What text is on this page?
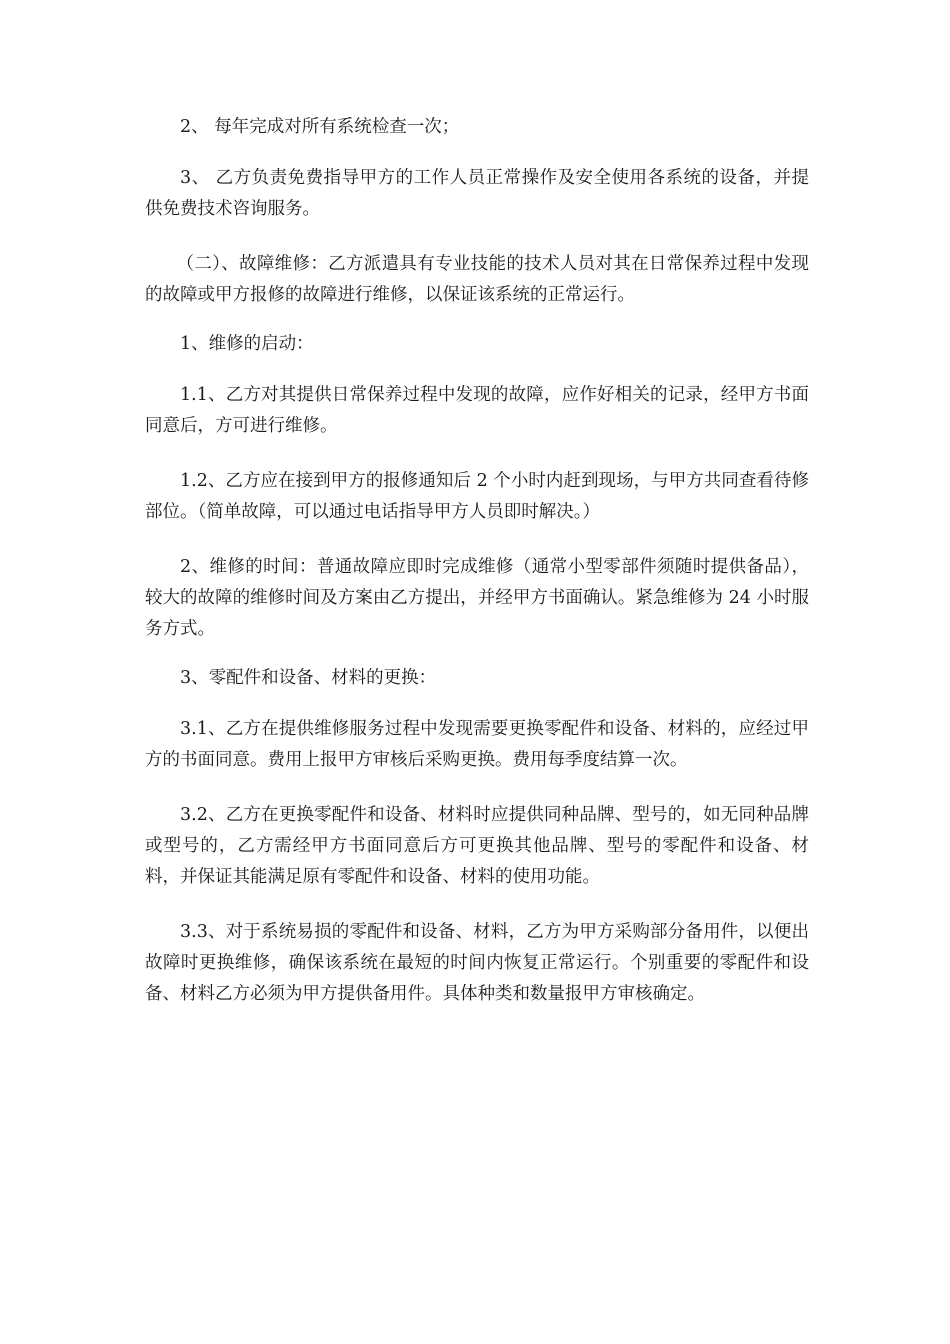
2、 每年完成对所有系统检查一次；

3、 乙方负责免费指导甲方的工作人员正常操作及安全使用各系统的设备，并提供免费技术咨询服务。

（二）、故障维修：乙方派遣具有专业技能的技术人员对其在日常保养过程中发现的故障或甲方报修的故障进行维修，以保证该系统的正常运行。

1、维修的启动：

1.1、乙方对其提供日常保养过程中发现的故障，应作好相关的记录，经甲方书面同意后，方可进行维修。

1.2、乙方应在接到甲方的报修通知后 2 个小时内赶到现场，与甲方共同查看待修部位。（简单故障，可以通过电话指导甲方人员即时解决。）

2、维修的时间：普通故障应即时完成维修（通常小型零部件须随时提供备品），较大的故障的维修时间及方案由乙方提出，并经甲方书面确认。紧急维修为 24 小时服务方式。

3、零配件和设备、材料的更换：

3.1、乙方在提供维修服务过程中发现需要更换零配件和设备、材料的，应经过甲方的书面同意。费用上报甲方审核后采购更换。费用每季度结算一次。

3.2、乙方在更换零配件和设备、材料时应提供同种品牌、型号的，如无同种品牌或型号的，乙方需经甲方书面同意后方可更换其他品牌、型号的零配件和设备、材料，并保证其能满足原有零配件和设备、材料的使用功能。

3.3、对于系统易损的零配件和设备、材料，乙方为甲方采购部分备用件，以便出故障时更换维修，确保该系统在最短的时间内恢复正常运行。个别重要的零配件和设备、材料乙方必须为甲方提供备用件。具体种类和数量报甲方审核确定。
